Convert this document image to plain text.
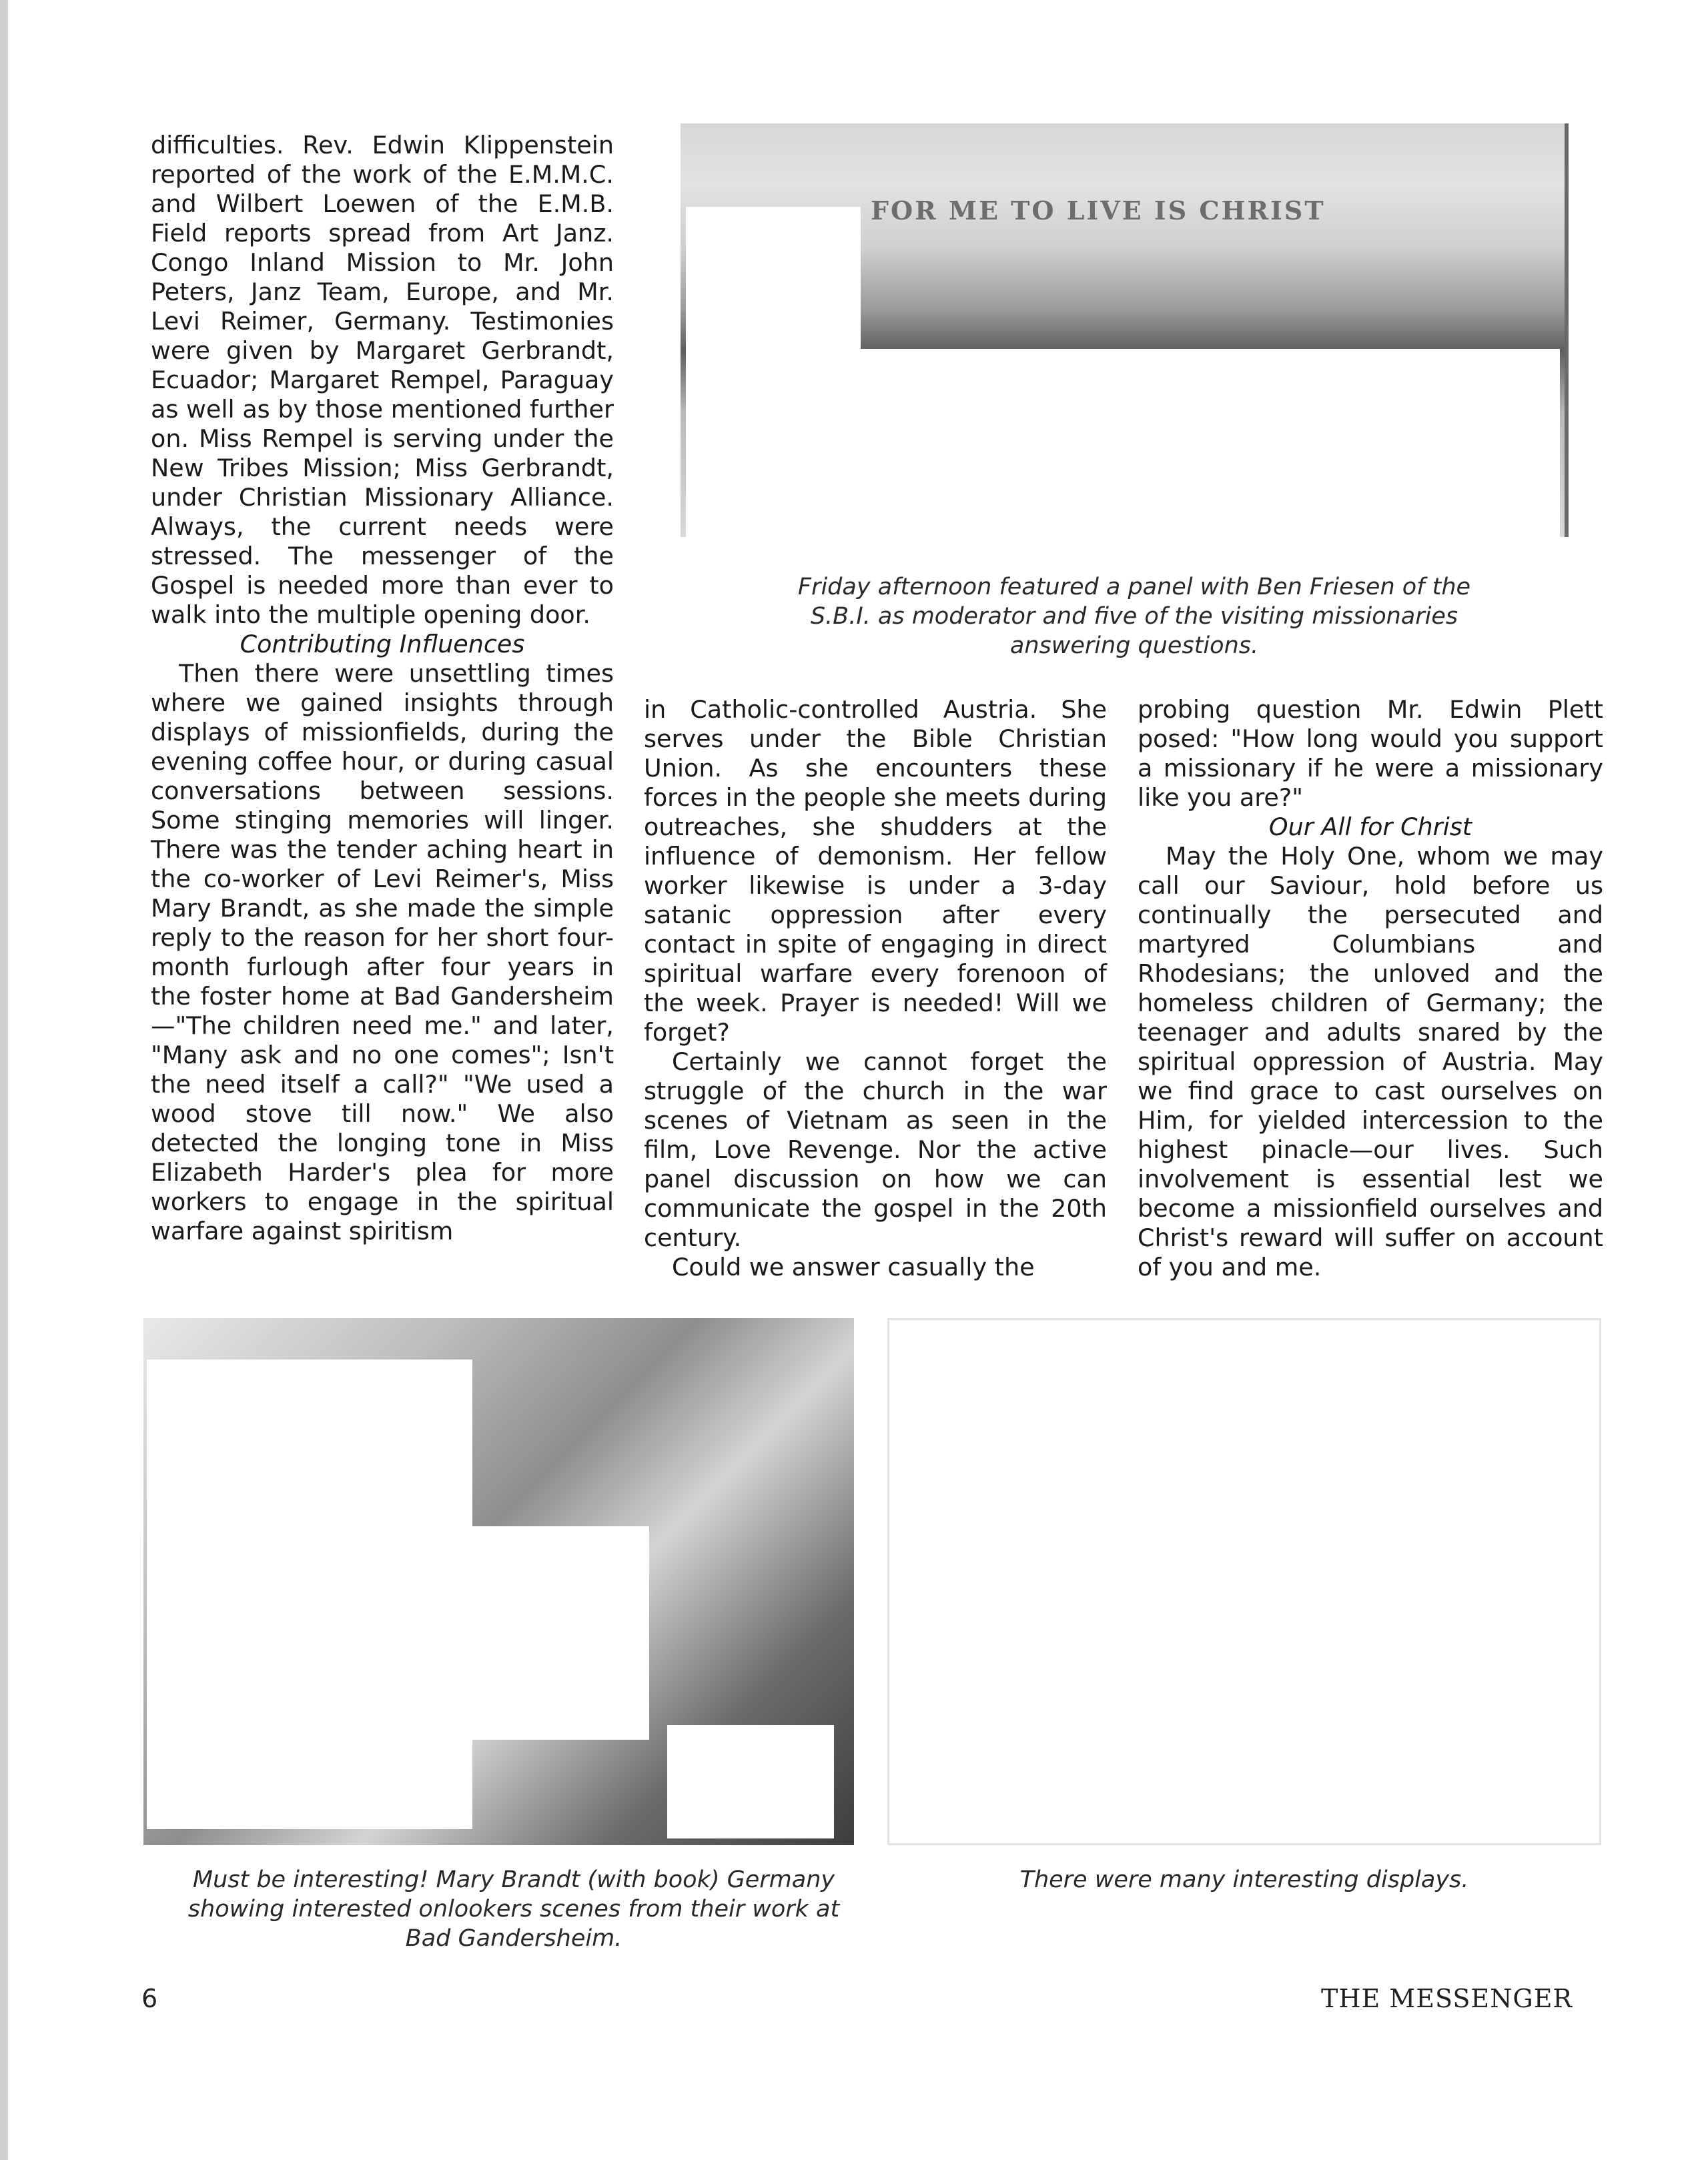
FOR ME TO LIVE IS CHRIST

Friday afternoon featured a panel with Ben Friesen of the S.B.I. as moderator and five of the visiting missionaries answering questions.

difficulties. Rev. Edwin Klippenstein reported of the work of the E.M.M.C. and Wilbert Loewen of the E.M.B. Field reports spread from Art Janz. Congo Inland Mission to Mr. John Peters, Janz Team, Europe, and Mr. Levi Reimer, Germany. Testimonies were given by Margaret Gerbrandt, Ecuador; Margaret Rempel, Paraguay as well as by those mentioned further on. Miss Rempel is serving under the New Tribes Mission; Miss Gerbrandt, under Christian Missionary Alliance. Always, the current needs were stressed. The messenger of the Gospel is needed more than ever to walk into the multiple opening door.

Contributing Influences

Then there were unsettling times where we gained insights through displays of missionfields, during the evening coffee hour, or during casual conversations between sessions. Some stinging memories will linger. There was the tender aching heart in the co-worker of Levi Reimer's, Miss Mary Brandt, as she made the simple reply to the reason for her short four-month furlough after four years in the foster home at Bad Gandersheim—"The children need me." and later, "Many ask and no one comes"; Isn't the need itself a call?" "We used a wood stove till now." We also detected the longing tone in Miss Elizabeth Harder's plea for more workers to engage in the spiritual warfare against spiritism

in Catholic-controlled Austria. She serves under the Bible Christian Union. As she encounters these forces in the people she meets during outreaches, she shudders at the influence of demonism. Her fellow worker likewise is under a 3-day satanic oppression after every contact in spite of engaging in direct spiritual warfare every forenoon of the week. Prayer is needed! Will we forget?

Certainly we cannot forget the struggle of the church in the war scenes of Vietnam as seen in the film, Love Revenge. Nor the active panel discussion on how we can communicate the gospel in the 20th century.

Could we answer casually the

probing question Mr. Edwin Plett posed: "How long would you support a missionary if he were a missionary like you are?"

Our All for Christ

May the Holy One, whom we may call our Saviour, hold before us continually the persecuted and martyred Columbians and Rhodesians; the unloved and the homeless children of Germany; the teenager and adults snared by the spiritual oppression of Austria. May we find grace to cast ourselves on Him, for yielded intercession to the highest pinacle—our lives. Such involvement is essential lest we become a missionfield ourselves and Christ's reward will suffer on account of you and me.

Must be interesting! Mary Brandt (with book) Germany showing interested onlookers scenes from their work at Bad Gandersheim.

There were many interesting displays.

6	THE MESSENGER
